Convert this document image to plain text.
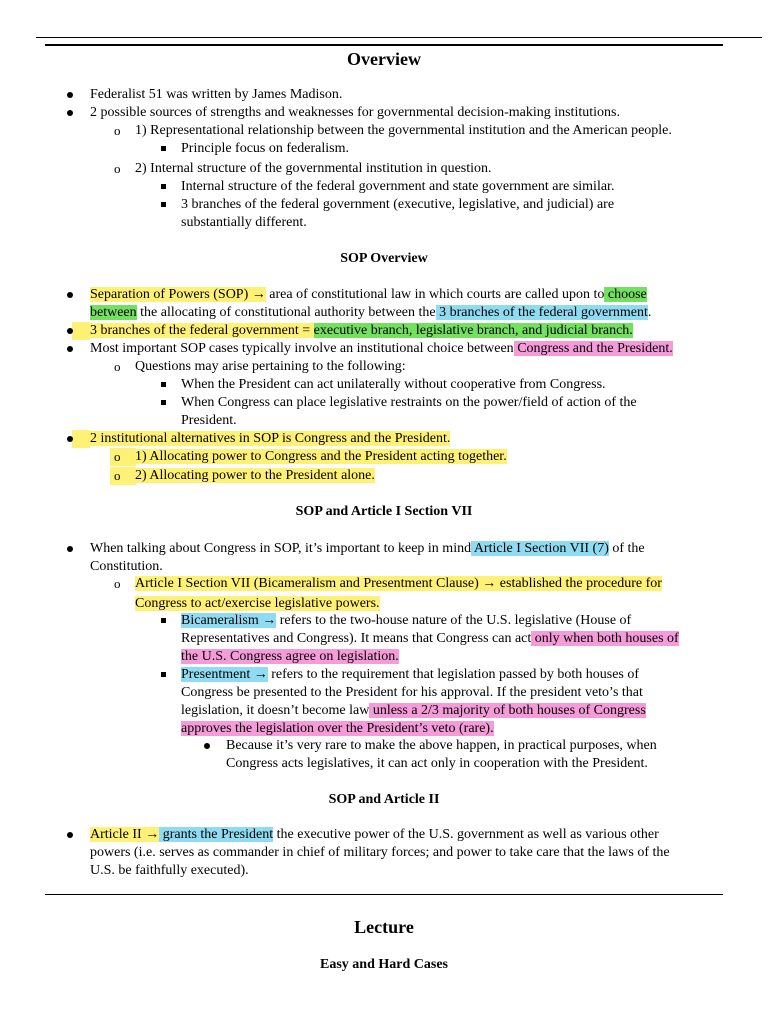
Overview
Federalist 51 was written by James Madison.
2 possible sources of strengths and weaknesses for governmental decision-making institutions.
o 1) Representational relationship between the governmental institution and the American people.
Principle focus on federalism.
o 2) Internal structure of the governmental institution in question.
Internal structure of the federal government and state government are similar.
3 branches of the federal government (executive, legislative, and judicial) are
substantially different.
SOP Overview
Separation of Powers (SOP) → area of constitutional law in which courts are called upon to choose
between the allocating of constitutional authority between the 3 branches of the federal government.
3 branches of the federal government = executive branch, legislative branch, and judicial branch.
Most important SOP cases typically involve an institutional choice between Congress and the President.
o Questions may arise pertaining to the following:
When the President can act unilaterally without cooperative from Congress.
When Congress can place legislative restraints on the power/field of action of the
President.
2 institutional alternatives in SOP is Congress and the President.
o 1) Allocating power to Congress and the President acting together.
o 2) Allocating power to the President alone.
SOP and Article I Section VII
When talking about Congress in SOP, it’s important to keep in mind Article I Section VII (7) of the
Constitution.
o Article I Section VII (Bicameralism and Presentment Clause) → established the procedure for
Congress to act/exercise legislative powers.
Bicameralism → refers to the two-house nature of the U.S. legislative (House of
Representatives and Congress). It means that Congress can act only when both houses of
the U.S. Congress agree on legislation.
Presentment → refers to the requirement that legislation passed by both houses of
Congress be presented to the President for his approval. If the president veto’s that
legislation, it doesn’t become law unless a 2/3 majority of both houses of Congress
approves the legislation over the President’s veto (rare).
Because it’s very rare to make the above happen, in practical purposes, when
Congress acts legislatives, it can act only in cooperation with the President.
SOP and Article II
Article II → grants the President the executive power of the U.S. government as well as various other
powers (i.e. serves as commander in chief of military forces; and power to take care that the laws of the
U.S. be faithfully executed).
Lecture
Easy and Hard Cases
